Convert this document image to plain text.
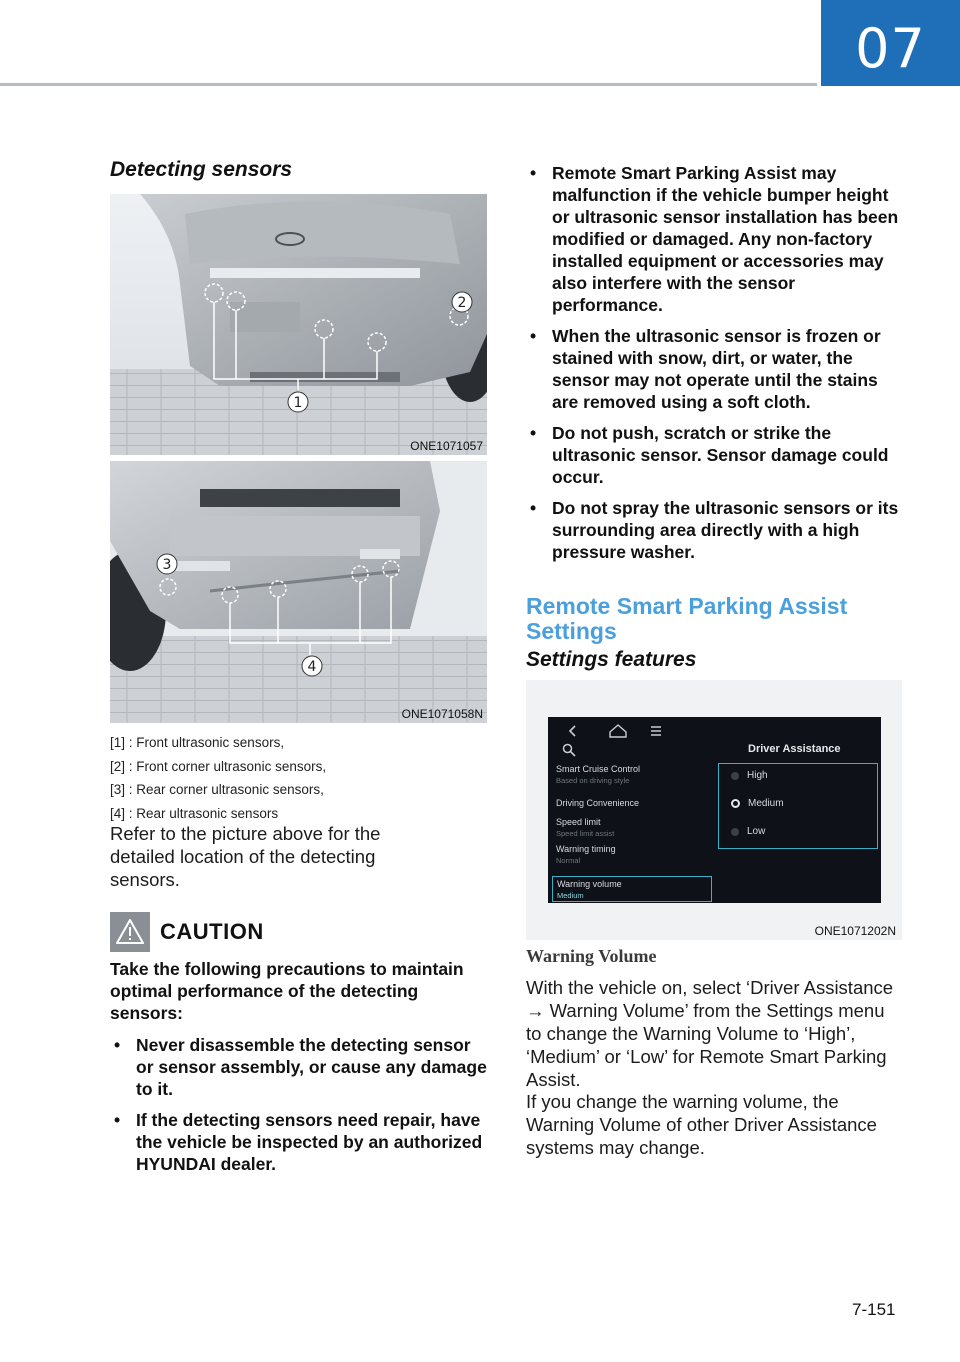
07
Detecting sensors
1
2
ONE1071057
4
3
ONE1071058N
[1] : Front ultrasonic sensors,
[2] : Front corner ultrasonic sensors,
[3] : Rear corner ultrasonic sensors,
[4] : Rear ultrasonic sensors

Refer to the picture above for the detailed location of the detecting sensors.

CAUTION

Take the following precautions to maintain optimal performance of the detecting sensors:

• Never disassemble the detecting sensor or sensor assembly, or cause any damage to it.
• If the detecting sensors need repair, have the vehicle be inspected by an authorized HYUNDAI dealer.
• Remote Smart Parking Assist may malfunction if the vehicle bumper height or ultrasonic sensor installation has been modified or damaged. Any non-factory installed equipment or accessories may also interfere with the sensor performance.
• When the ultrasonic sensor is frozen or stained with snow, dirt, or water, the sensor may not operate until the stains are removed using a soft cloth.
• Do not push, scratch or strike the ultrasonic sensor. Sensor damage could occur.
• Do not spray the ultrasonic sensors or its surrounding area directly with a high pressure washer.
Remote Smart Parking Assist Settings
Settings features
Driver Assistance
Smart Cruise Control
Based on driving style
Driving Convenience
Speed limit
Speed limit assist
Warning timing
Normal
Warning volume
Medium
High
Medium
Low
ONE1071202N
Warning Volume

With the vehicle on, select ‘Driver Assistance → Warning Volume’ from the Settings menu to change the Warning Volume to ‘High’, ‘Medium’ or ‘Low’ for Remote Smart Parking Assist.

If you change the warning volume, the Warning Volume of other Driver Assistance systems may change.

7-151
